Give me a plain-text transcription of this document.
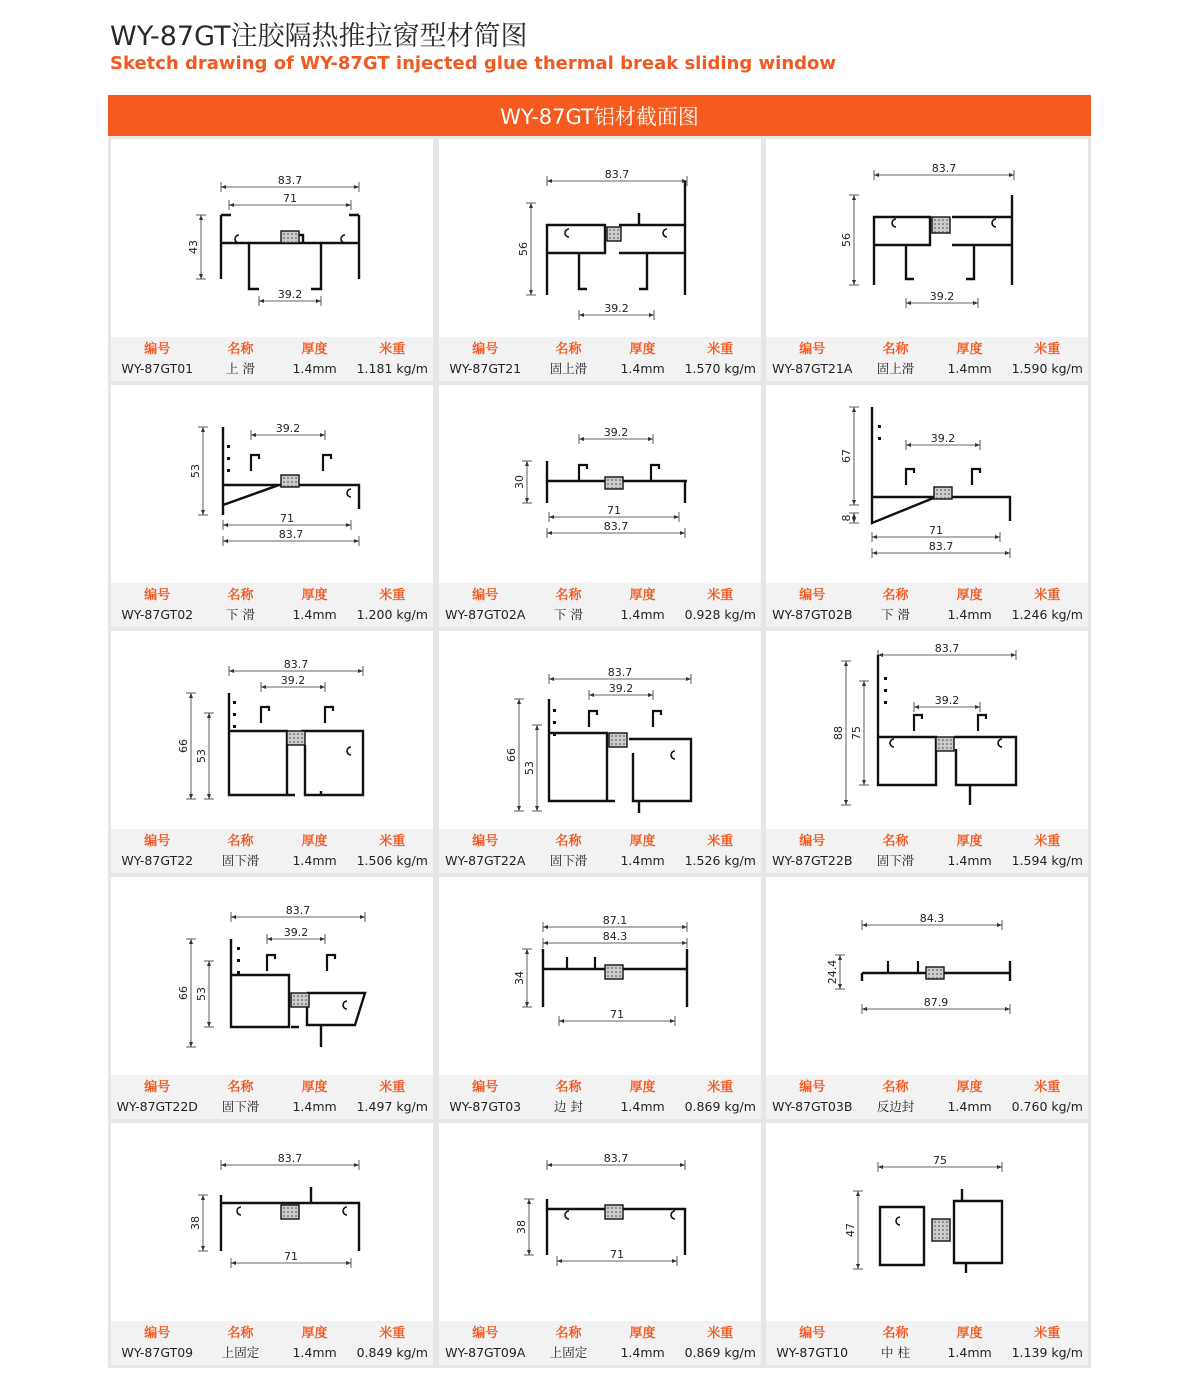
WY-87GT注胶隔热推拉窗型材简图
Sketch drawing of WY-87GT injected glue thermal break sliding window
WY-87GT铝材截面图
83.7
71
43
39.2
编号
WY-87GT01
名称
上 滑
厚度
1.4mm
米重
1.181 kg/m
83.7
56
39.2
编号
WY-87GT21
名称
固上滑
厚度
1.4mm
米重
1.570 kg/m
83.7
56
39.2
编号
WY-87GT21A
名称
固上滑
厚度
1.4mm
米重
1.590 kg/m
39.2
53
71
83.7
编号
WY-87GT02
名称
下 滑
厚度
1.4mm
米重
1.200 kg/m
39.2
30
71
83.7
编号
WY-87GT02A
名称
下 滑
厚度
1.4mm
米重
0.928 kg/m
39.2
67
8
71
83.7
编号
WY-87GT02B
名称
下 滑
厚度
1.4mm
米重
1.246 kg/m
83.7
39.2
66
53
编号
WY-87GT22
名称
固下滑
厚度
1.4mm
米重
1.506 kg/m
83.7
39.2
66
53
编号
WY-87GT22A
名称
固下滑
厚度
1.4mm
米重
1.526 kg/m
83.7
39.2
88 75
编号
WY-87GT22B
名称
固下滑
厚度
1.4mm
米重
1.594 kg/m
83.7
39.2
66 53
编号
WY-87GT22D
名称
固下滑
厚度
1.4mm
米重
1.497 kg/m
87.1
84.3
34
71
编号
WY-87GT03
名称
边 封
厚度
1.4mm
米重
0.869 kg/m
84.3
24.4
87.9
编号
WY-87GT03B
名称
反边封
厚度
1.4mm
米重
0.760 kg/m
83.7
38
71
编号
WY-87GT09
名称
上固定
厚度
1.4mm
米重
0.849 kg/m
83.7
38
71
编号
WY-87GT09A
名称
上固定
厚度
1.4mm
米重
0.869 kg/m
75
47
编号
WY-87GT10
名称
中 柱
厚度
1.4mm
米重
1.139 kg/m
